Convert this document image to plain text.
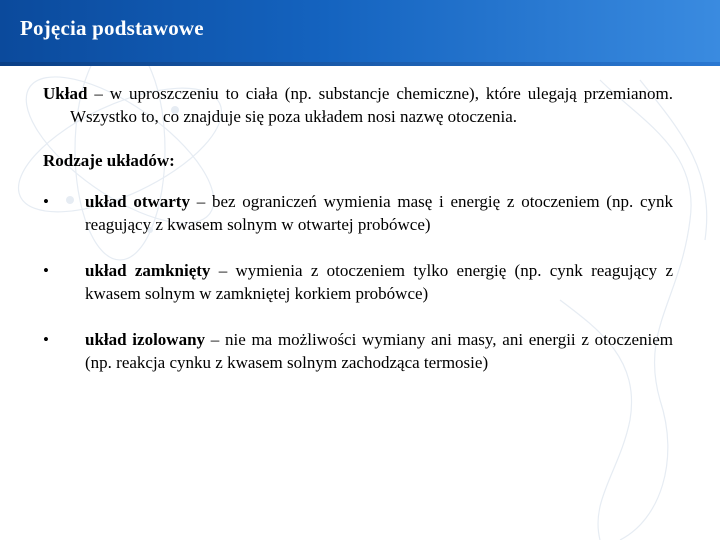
Pojęcia podstawowe
Układ – w uproszczeniu to ciała (np. substancje chemiczne), które ulegają przemianom. Wszystko to, co znajduje się poza układem nosi nazwę otoczenia.
Rodzaje układów:
• układ otwarty – bez ograniczeń wymienia masę i energię z otoczeniem (np. cynk reagujący z kwasem solnym w otwartej probówce)
• układ zamknięty – wymienia z otoczeniem tylko energię (np. cynk reagujący z kwasem solnym w zamkniętej korkiem probówce)
• układ izolowany – nie ma możliwości wymiany ani masy, ani energii z otoczeniem (np. reakcja cynku z kwasem solnym zachodząca termosie)
